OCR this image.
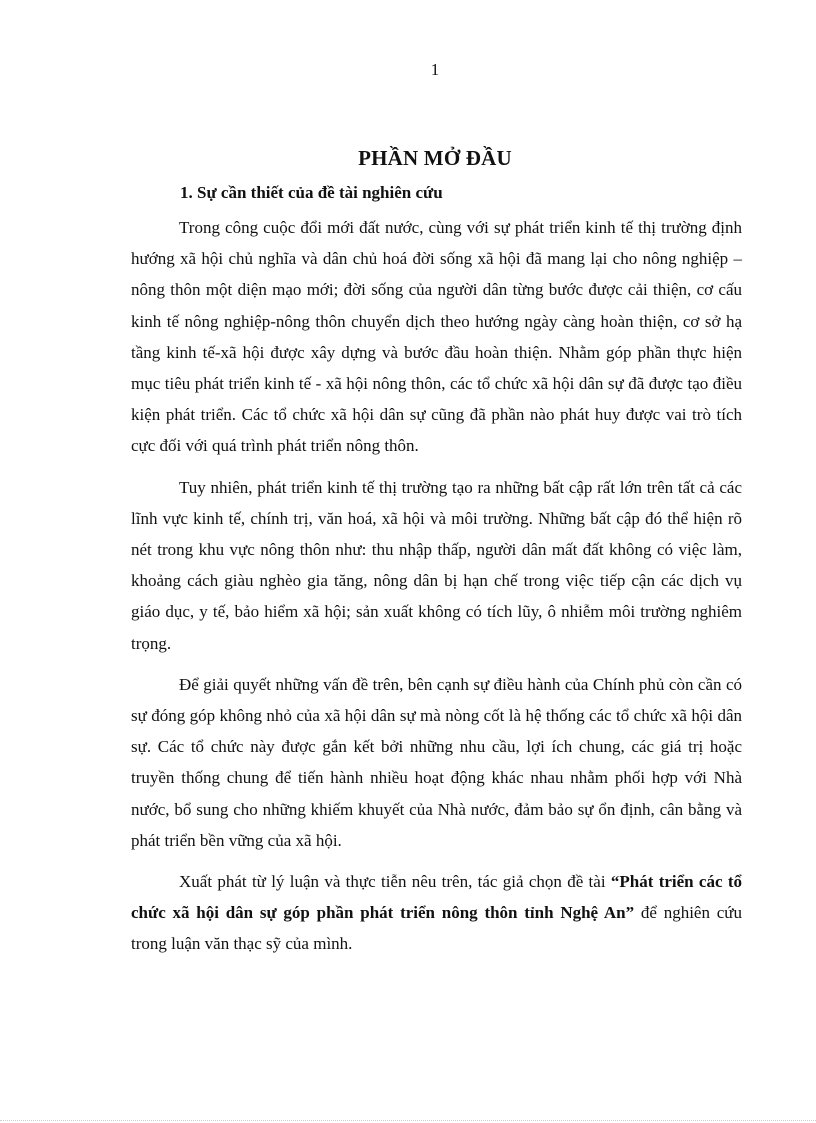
1
PHẦN MỞ ĐẦU
1. Sự cần thiết của đề tài nghiên cứu

Trong công cuộc đổi mới đất nước, cùng với sự phát triển kinh tế thị trường định hướng xã hội chủ nghĩa và dân chủ hoá đời sống xã hội đã mang lại cho nông nghiệp – nông thôn một diện mạo mới; đời sống của người dân từng bước được cải thiện, cơ cấu kinh tế nông nghiệp-nông thôn chuyển dịch theo hướng ngày càng hoàn thiện, cơ sở hạ tầng kinh tế-xã hội được xây dựng và bước đầu hoàn thiện. Nhằm góp phần thực hiện mục tiêu phát triển kinh tế - xã hội nông thôn, các tổ chức xã hội dân sự đã được tạo điều kiện phát triển. Các tổ chức xã hội dân sự cũng đã phần nào phát huy được vai trò tích cực đối với quá trình phát triển nông thôn.

Tuy nhiên, phát triển kinh tế thị trường tạo ra những bất cập rất lớn trên tất cả các lĩnh vực kinh tế, chính trị, văn hoá, xã hội và môi trường. Những bất cập đó thể hiện rõ nét trong khu vực nông thôn như: thu nhập thấp, người dân mất đất không có việc làm, khoảng cách giàu nghèo gia tăng, nông dân bị hạn chế trong việc tiếp cận các dịch vụ giáo dục, y tế, bảo hiểm xã hội; sản xuất không có tích lũy, ô nhiễm môi trường nghiêm trọng.

Để giải quyết những vấn đề trên, bên cạnh sự điều hành của Chính phủ còn cần có sự đóng góp không nhỏ của xã hội dân sự mà nòng cốt là hệ thống các tổ chức xã hội dân sự. Các tổ chức này được gắn kết bởi những nhu cầu, lợi ích chung, các giá trị hoặc truyền thống chung để tiến hành nhiều hoạt động khác nhau nhằm phối hợp với Nhà nước, bổ sung cho những khiếm khuyết của Nhà nước, đảm bảo sự ổn định, cân bằng và phát triển bền vững của xã hội.

Xuất phát từ lý luận và thực tiễn nêu trên, tác giả chọn đề tài “Phát triển các tổ chức xã hội dân sự góp phần phát triển nông thôn tỉnh Nghệ An” để nghiên cứu trong luận văn thạc sỹ của mình.
